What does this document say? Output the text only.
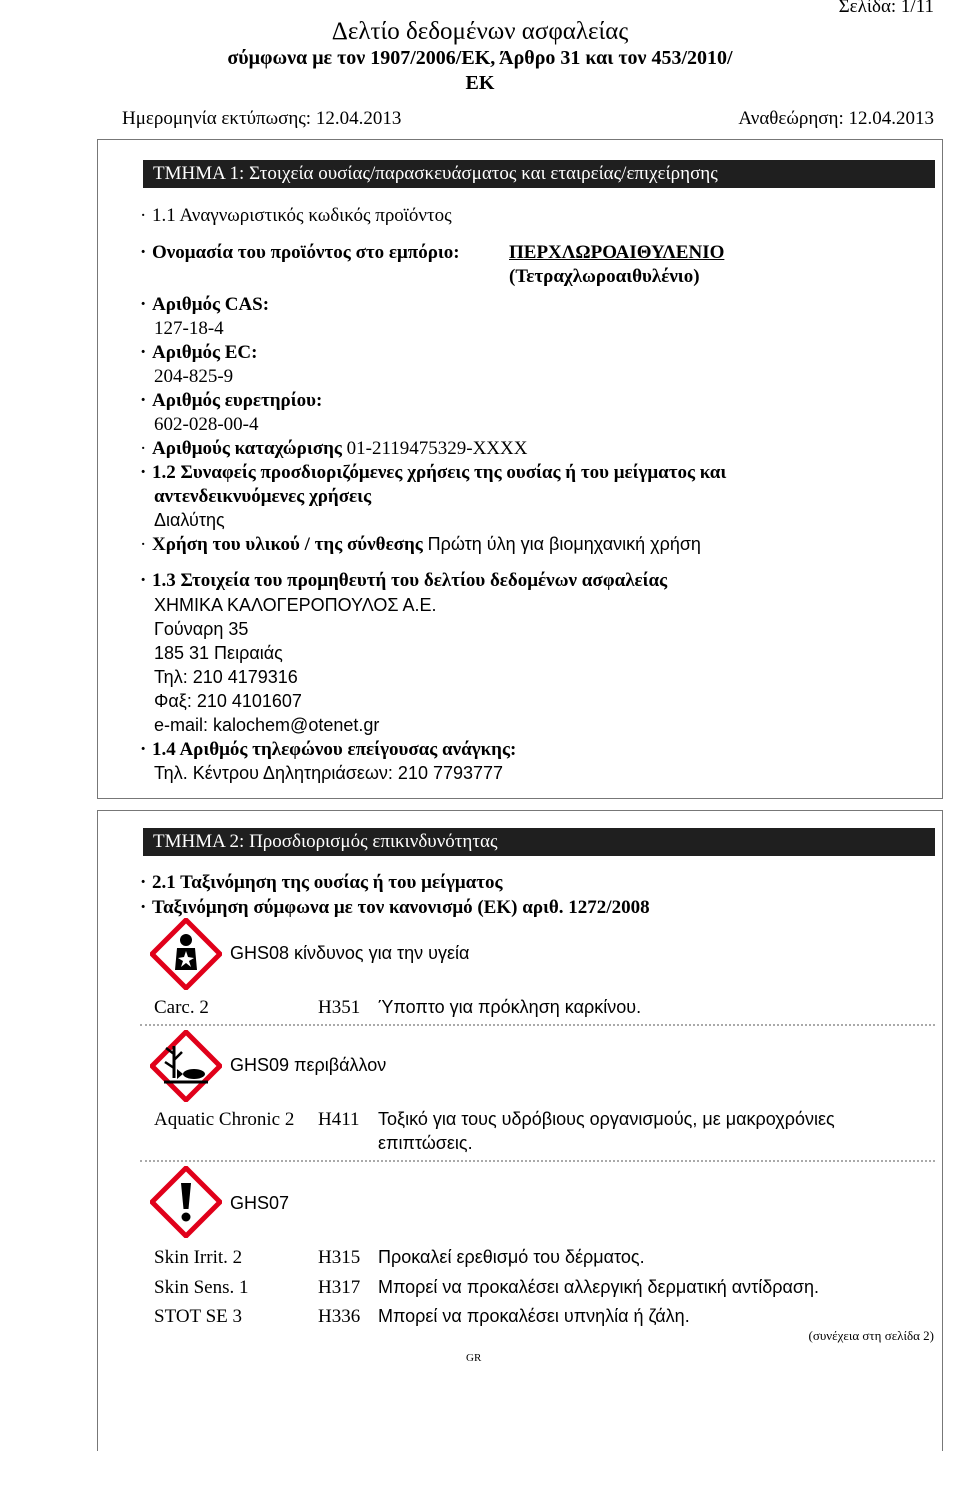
Σελίδα: 1/11
Δελτίο δεδομένων ασφαλείας
σύμφωνα με τον 1907/2006/ΕΚ, Άρθρο 31 και τον 453/2010/
ΕΚ
Ημερομηνία εκτύπωσης: 12.04.2013	Αναθεώρηση: 12.04.2013
ΤΜΗΜΑ 1: Στοιχεία ουσίας/παρασκευάσματος και εταιρείας/επιχείρησης
· 1.1 Αναγνωριστικός κωδικός προϊόντος
· Ονομασία του προϊόντος στο εμπόριο:	ΠΕΡΧΛΩΡΟΑΙΘΥΛΕΝΙΟ
(Τετραχλωροαιθυλένιο)
· Αριθμός CAS:
127-18-4
· Αριθμός EC:
204-825-9
· Αριθμός ευρετηρίου:
602-028-00-4
· Αριθμούς καταχώρισης 01-2119475329-XXXX
· 1.2 Συναφείς προσδιοριζόμενες χρήσεις της ουσίας ή του μείγματος και
αντενδεικνυόμενες χρήσεις
Διαλύτης
· Χρήση του υλικού / της σύνθεσης Πρώτη ύλη για βιομηχανική χρήση
· 1.3 Στοιχεία του προμηθευτή του δελτίου δεδομένων ασφαλείας
ΧΗΜΙΚΑ ΚΑΛΟΓΕΡΟΠΟΥΛΟΣ Α.Ε.
Γούναρη 35
185 31 Πειραιάς
Τηλ: 210 4179316
Φαξ: 210 4101607
e-mail: kalochem@otenet.gr
· 1.4 Αριθμός τηλεφώνου επείγουσας ανάγκης:
Τηλ. Κέντρου Δηλητηριάσεων: 210 7793777
ΤΜΗΜΑ 2: Προσδιορισμός επικινδυνότητας
· 2.1 Ταξινόμηση της ουσίας ή του μείγματος
· Ταξινόμηση σύμφωνα με τον κανονισμό (ΕΚ) αριθ. 1272/2008
GHS08 κίνδυνος για την υγεία
Carc. 2	H351 Ύποπτο για πρόκληση καρκίνου.
GHS09 περιβάλλον
Aquatic Chronic 2 H411 Τοξικό για τους υδρόβιους οργανισμούς, με μακροχρόνιες
επιπτώσεις.
GHS07
Skin Irrit. 2	H315 Προκαλεί ερεθισμό του δέρματος.
Skin Sens. 1	H317 Μπορεί να προκαλέσει αλλεργική δερματική αντίδραση.
STOT SE 3	H336 Μπορεί να προκαλέσει υπνηλία ή ζάλη.
(συνέχεια στη σελίδα 2)
GR
